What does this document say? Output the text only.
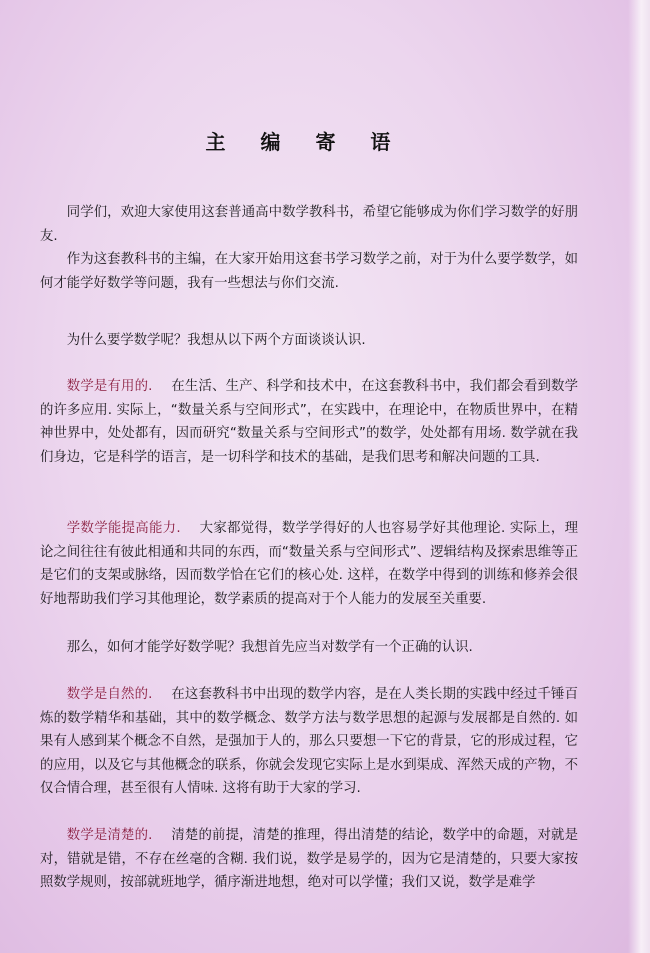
主 编 寄 语

同学们，欢迎大家使用这套普通高中数学教科书，希望它能够成为你们学习数学的好朋友.

作为这套教科书的主编，在大家开始用这套书学习数学之前，对于为什么要学数学，如何才能学好数学等问题，我有一些想法与你们交流.

为什么要学数学呢？我想从以下两个方面谈谈认识.

数学是有用的. 在生活、生产、科学和技术中，在这套教科书中，我们都会看到数学的许多应用. 实际上，“数量关系与空间形式”，在实践中，在理论中，在物质世界中，在精神世界中，处处都有，因而研究“数量关系与空间形式”的数学，处处都有用场. 数学就在我们身边，它是科学的语言，是一切科学和技术的基础，是我们思考和解决问题的工具.

学数学能提高能力. 大家都觉得，数学学得好的人也容易学好其他理论. 实际上，理论之间往往有彼此相通和共同的东西，而“数量关系与空间形式”、逻辑结构及探索思维等正是它们的支架或脉络，因而数学恰在它们的核心处. 这样，在数学中得到的训练和修养会很好地帮助我们学习其他理论，数学素质的提高对于个人能力的发展至关重要.

那么，如何才能学好数学呢？我想首先应当对数学有一个正确的认识.

数学是自然的. 在这套教科书中出现的数学内容，是在人类长期的实践中经过千锤百炼的数学精华和基础，其中的数学概念、数学方法与数学思想的起源与发展都是自然的. 如果有人感到某个概念不自然，是强加于人的，那么只要想一下它的背景，它的形成过程，它的应用，以及它与其他概念的联系，你就会发现它实际上是水到渠成、浑然天成的产物，不仅合情合理，甚至很有人情味. 这将有助于大家的学习.

数学是清楚的. 清楚的前提，清楚的推理，得出清楚的结论，数学中的命题，对就是对，错就是错，不存在丝毫的含糊. 我们说，数学是易学的，因为它是清楚的，只要大家按照数学规则，按部就班地学，循序渐进地想，绝对可以学懂；我们又说，数学是难学
